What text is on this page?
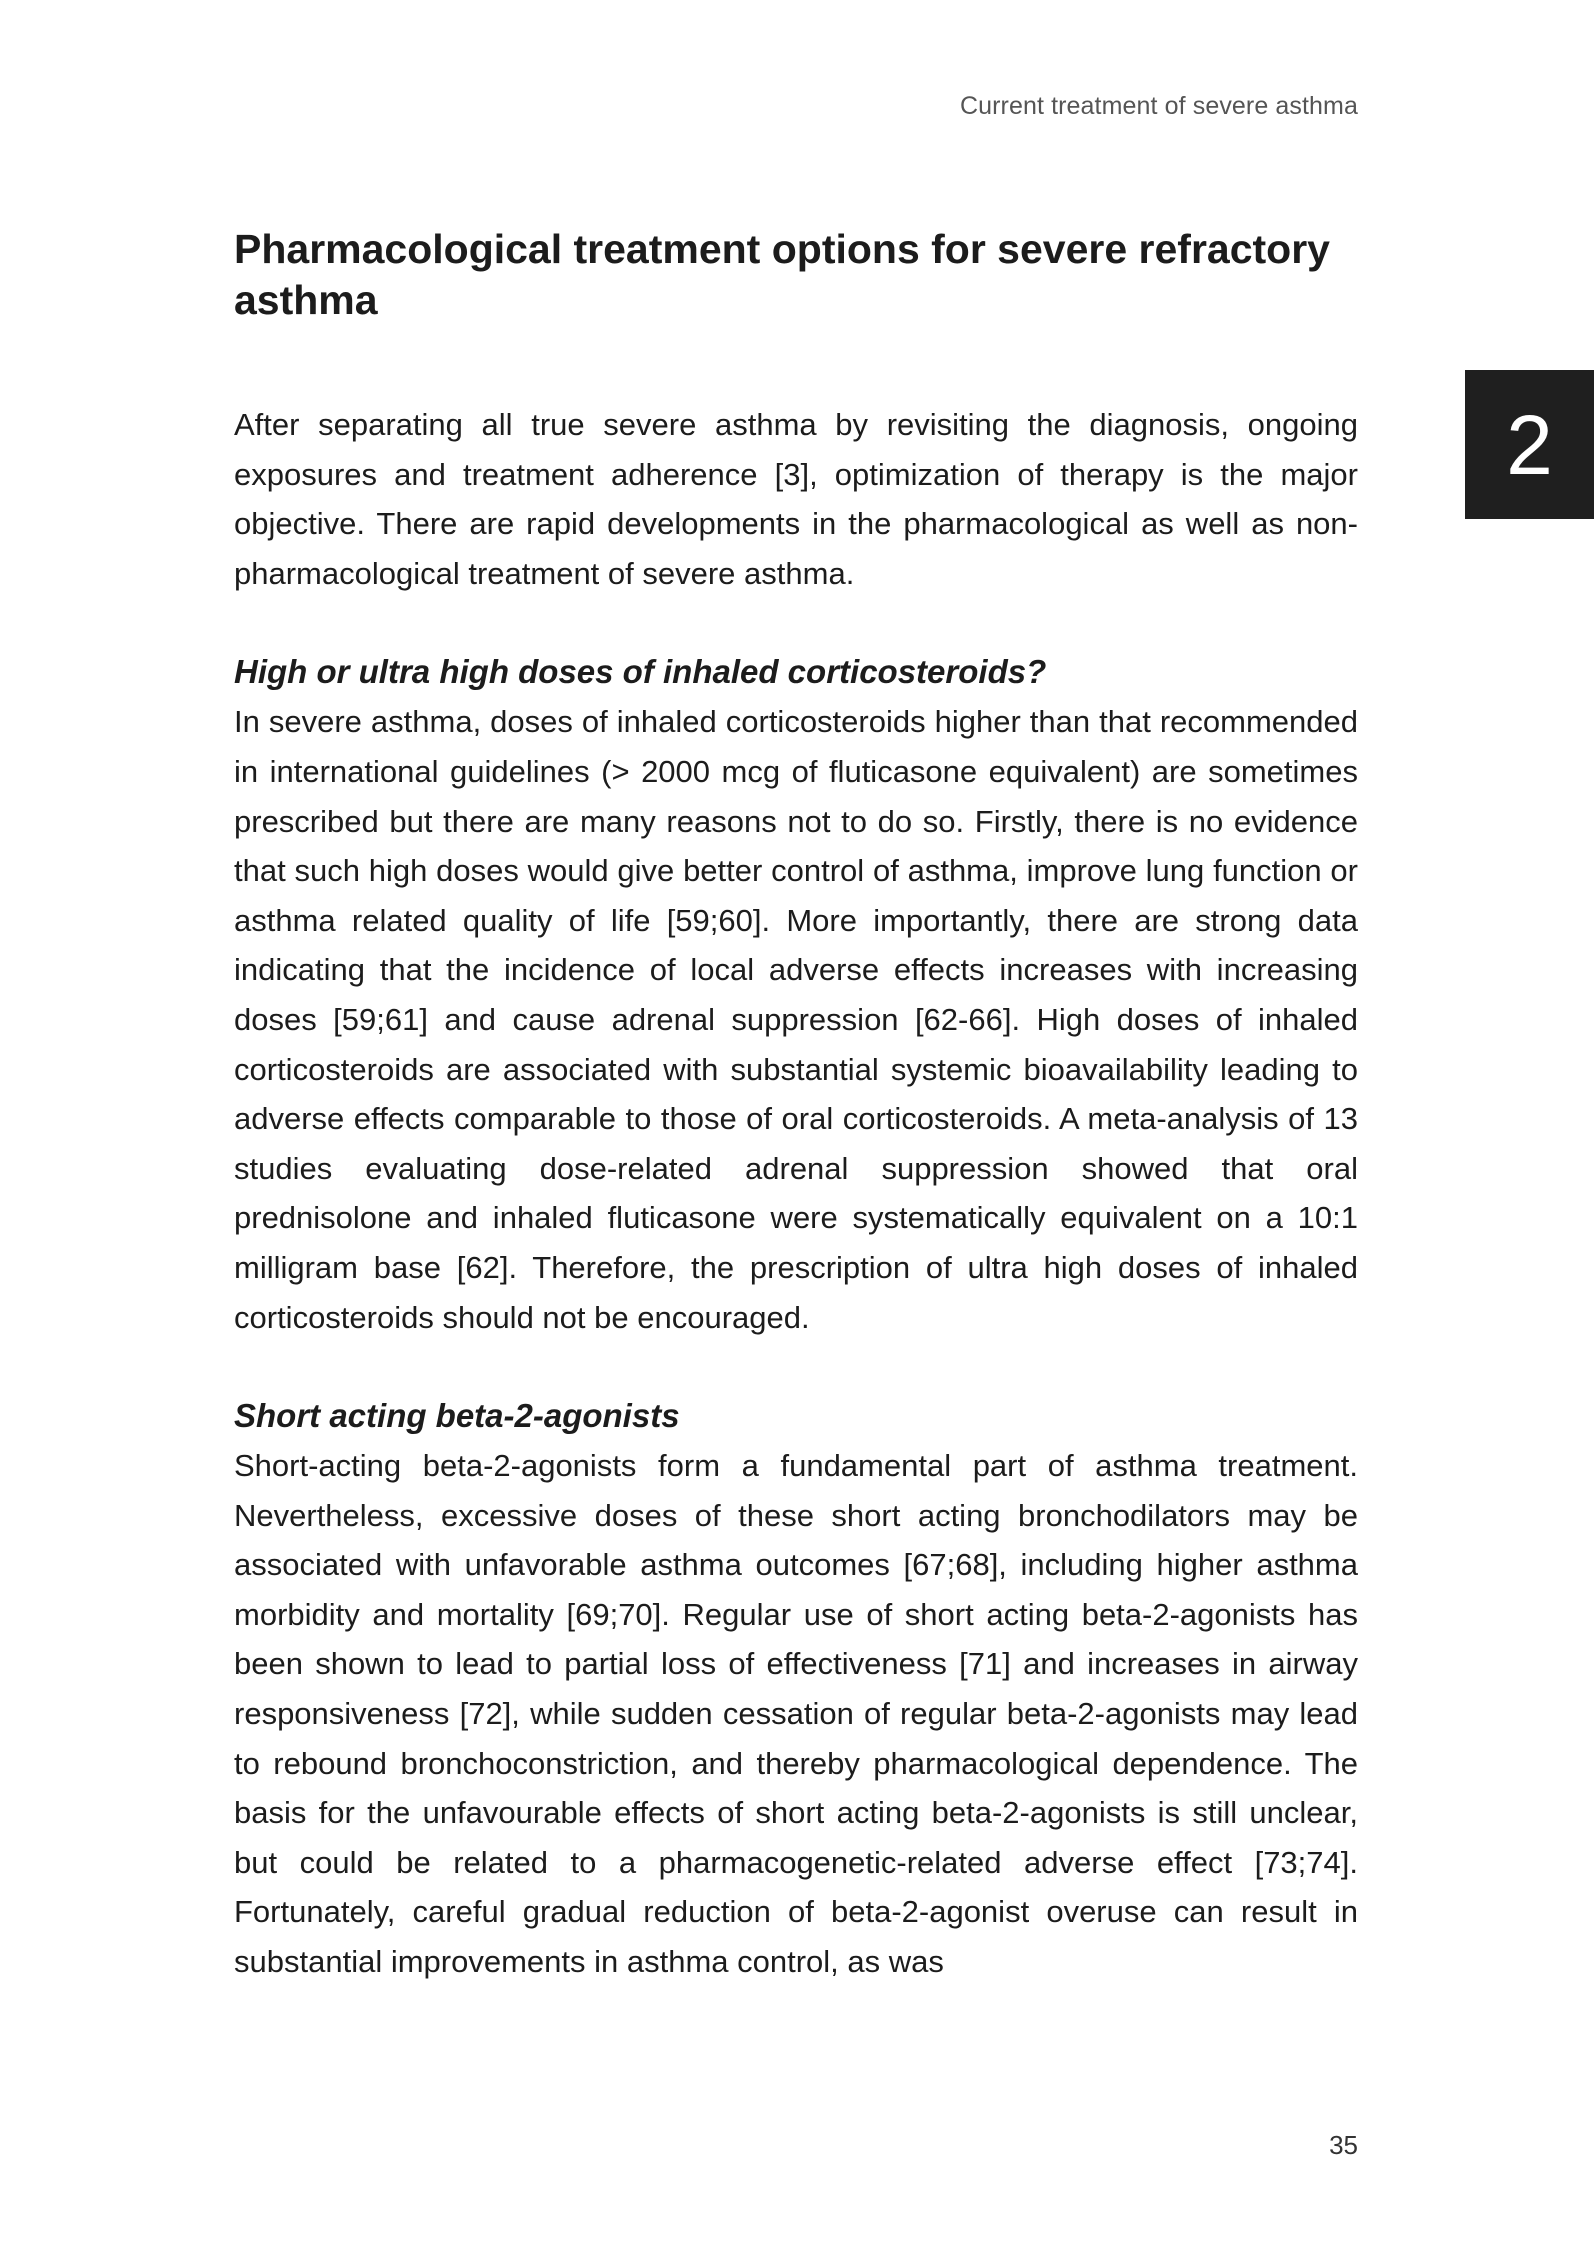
Current treatment of severe asthma
2
Pharmacological treatment options for severe refractory asthma

After separating all true severe asthma by revisiting the diagnosis, ongoing exposures and treatment adherence [3], optimization of therapy is the major objective. There are rapid developments in the pharmacological as well as non-pharmacological treatment of severe asthma.

High or ultra high doses of inhaled corticosteroids?

In severe asthma, doses of inhaled corticosteroids higher than that recommended in international guidelines (> 2000 mcg of fluticasone equivalent) are sometimes prescribed but there are many reasons not to do so. Firstly, there is no evidence that such high doses would give better control of asthma, improve lung function or asthma related quality of life [59;60]. More importantly, there are strong data indicating that the incidence of local adverse effects increases with increasing doses [59;61] and cause adrenal suppression [62-66]. High doses of inhaled corticosteroids are associated with substantial systemic bioavailability leading to adverse effects comparable to those of oral corticosteroids. A meta-analysis of 13 studies evaluating dose-related adrenal suppression showed that oral prednisolone and inhaled fluticasone were systematically equivalent on a 10:1 milligram base [62]. Therefore, the prescription of ultra high doses of inhaled corticosteroids should not be encouraged.

Short acting beta-2-agonists

Short-acting beta-2-agonists form a fundamental part of asthma treatment. Nevertheless, excessive doses of these short acting bronchodilators may be associated with unfavorable asthma outcomes [67;68], including higher asthma morbidity and mortality [69;70]. Regular use of short acting beta-2-agonists has been shown to lead to partial loss of effectiveness [71] and increases in airway responsiveness [72], while sudden cessation of regular beta-2-agonists may lead to rebound bronchoconstriction, and thereby pharmacological dependence. The basis for the unfavourable effects of short acting beta-2-agonists is still unclear, but could be related to a pharmacogenetic-related adverse effect [73;74]. Fortunately, careful gradual reduction of beta-2-agonist overuse can result in substantial improvements in asthma control, as was

35
